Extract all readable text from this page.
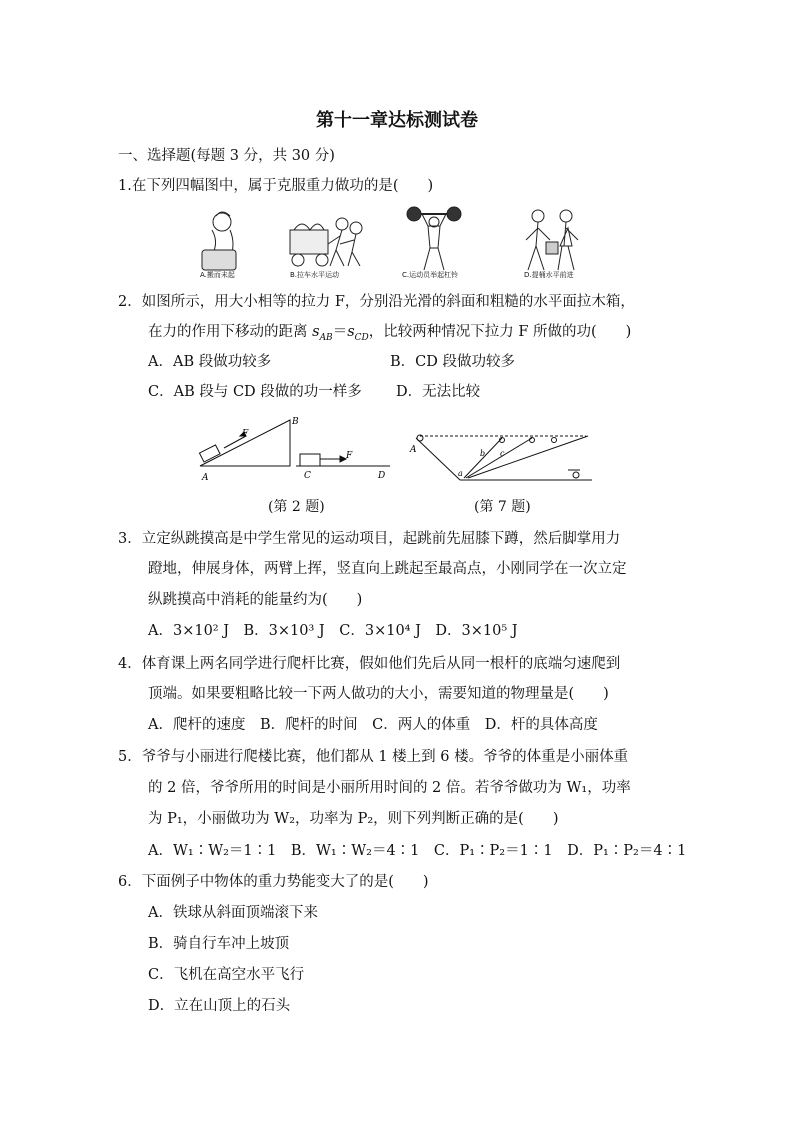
第十一章达标测试卷
一、选择题(每题 3 分，共 30 分)
1.在下列四幅图中，属于克服重力做功的是(　　)
A.搬而未起	B.拉车水平运动	C.运动员举起杠铃	D.提桶水平前进
2．如图所示，用大小相等的拉力 F，分别沿光滑的斜面和粗糙的水平面拉木箱，
在力的作用下移动的距离 $s_{AB}=s_{CD}$，比较两种情况下拉力 F 所做的功(　　)
A．AB 段做功较多	B．CD 段做功较多
C．AB 段与 CD 段做的功一样多 D．无法比较
F
B
A
F
C	D
(第 2 题)
A
a
b c
(第 7 题)
3．立定纵跳摸高是中学生常见的运动项目，起跳前先屈膝下蹲，然后脚掌用力
蹬地，伸展身体，两臂上挥，竖直向上跳起至最高点，小刚同学在一次立定
纵跳摸高中消耗的能量约为(　　)
A．3×10² J　B．3×10³ J　C．3×10⁴ J　D．3×10⁵ J
4．体育课上两名同学进行爬杆比赛，假如他们先后从同一根杆的底端匀速爬到
顶端。如果要粗略比较一下两人做功的大小，需要知道的物理量是(　　)
A．爬杆的速度　B．爬杆的时间　C．两人的体重　D．杆的具体高度
5．爷爷与小丽进行爬楼比赛，他们都从 1 楼上到 6 楼。爷爷的体重是小丽体重
的 2 倍，爷爷所用的时间是小丽所用时间的 2 倍。若爷爷做功为 W₁，功率
为 P₁，小丽做功为 W₂，功率为 P₂，则下列判断正确的是(　　)
A．W₁∶W₂＝1∶1　B．W₁∶W₂＝4∶1　C．P₁∶P₂＝1∶1　D．P₁∶P₂＝4∶1
6．下面例子中物体的重力势能变大了的是(　　)
A．铁球从斜面顶端滚下来
B．骑自行车冲上坡顶
C．飞机在高空水平飞行
D．立在山顶上的石头
